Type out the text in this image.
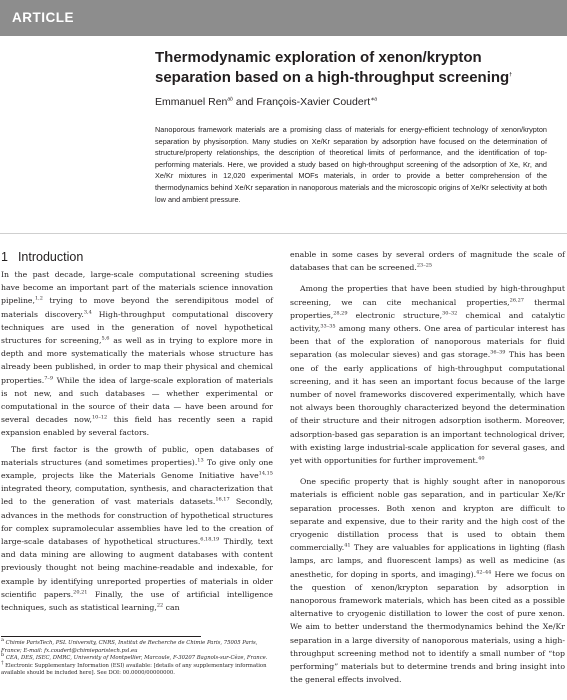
ARTICLE
Thermodynamic exploration of xenon/krypton separation based on a high-throughput screening†
Emmanuel Ren$^{ab}$ and François-Xavier Coudert$^{∗a}$

Nanoporous framework materials are a promising class of materials for energy-efficient technology of xenon/krypton separation by physisorption. Many studies on Xe/Kr separation by adsorption have focused on the determination of structure/property relationships, the description of theoretical limits of performance, and the identification of top-performing materials. Here, we provided a study based on high-throughput screening of the adsorption of Xe, Kr, and Xe/Kr mixtures in 12,020 experimental MOFs materials, in order to provide a better comprehension of the thermodynamics behind Xe/Kr separation in nanoporous materials and the microscopic origins of Xe/Kr selectivity at both low and ambient pressure.

1 Introduction

In the past decade, large-scale computational screening studies have become an important part of the materials science innovation pipeline,$^{1,2}$ trying to move beyond the serendipitous model of materials discovery.$^{3,4}$ High-throughput computational discovery techniques are used in the generation of novel hypothetical structures for screening,$^{5,6}$ as well as in trying to explore more in depth and more systematically the materials whose structure has already been published, in order to map their physical and chemical properties.$^{7-9}$ While the idea of large-scale exploration of materials is not new, and such databases — whether experimental or computational in the source of their data — have been around for several decades now,$^{10-12}$ this field has recently seen a rapid expansion enabled by several factors.

The first factor is the growth of public, open databases of materials structures (and sometimes properties).$^{13}$ To give only one example, projects like the Materials Genome Initiative have$^{14,15}$ integrated theory, computation, synthesis, and characterization that led to the generation of vast materials datasets.$^{16,17}$ Secondly, advances in the methods for construction of hypothetical structures for complex supramolecular assemblies have led to the creation of large-scale databases of hypothetical structures.$^{6,18,19}$ Thirdly, text and data mining are allowing to augment databases with content previously thought not being machine-readable and indexable, for example by identifying unreported properties of materials in older scientific papers.$^{20,21}$ Finally, the use of artificial intelligence techniques, such as statistical learning,$^{22}$ can

enable in some cases by several orders of magnitude the scale of databases that can be screened.$^{23-25}$

Among the properties that have been studied by high-throughput screening, we can cite mechanical properties,$^{26,27}$ thermal properties,$^{28,29}$ electronic structure,$^{30-32}$ chemical and catalytic activity,$^{33-35}$ among many others. One area of particular interest has been that of the exploration of nanoporous materials for fluid separation (as molecular sieves) and gas storage.$^{36-39}$ This has been one of the early applications of high-throughput computational screening, and it has seen an important focus because of the large number of novel frameworks discovered experimentally, which have not always been thoroughly characterized beyond the determination of their structure and their nitrogen adsorption isotherm. Moreover, adsorption-based gas separation is an important technological driver, with existing large industrial-scale application for several gases, and yet with opportunities for further improvement.$^{40}$

One specific property that is highly sought after in nanoporous materials is efficient noble gas separation, and in particular Xe/Kr separation processes. Both xenon and krypton are difficult to separate and expensive, due to their rarity and the high cost of the cryogenic distillation process that is used to obtain them commercially.$^{41}$ They are valuables for applications in lighting (flash lamps, arc lamps, and fluorescent lamps) as well as medicine (as anesthetic, for doping in sports, and imaging).$^{42-44}$ Here we focus on the question of xenon/krypton separation by adsorption in nanoporous framework materials, which has been cited as a possible alternative to cryogenic distillation to lower the cost of pure xenon. We aim to better understand the thermodynamics behind the Xe/Kr separation in a large diversity of nanoporous materials, using a high-throughput screening method not to identify a small number of “top performing” materials but to determine trends and bring insight into the general effects involved.

$^a$ Chimie ParisTech, PSL University, CNRS, Institut de Recherche de Chimie Paris, 75005 Paris, France; E-mail: fx.coudert@chimieparistech.psl.eu
$^b$ CEA, DES, ISEC, DMRC, University of Montpellier, Marcoule, F-30207 Bagnols-sur-Cèze, France.
† Electronic Supplementary Information (ESI) available: [details of any supplementary information available should be included here]. See DOI: 00.0000/00000000.
